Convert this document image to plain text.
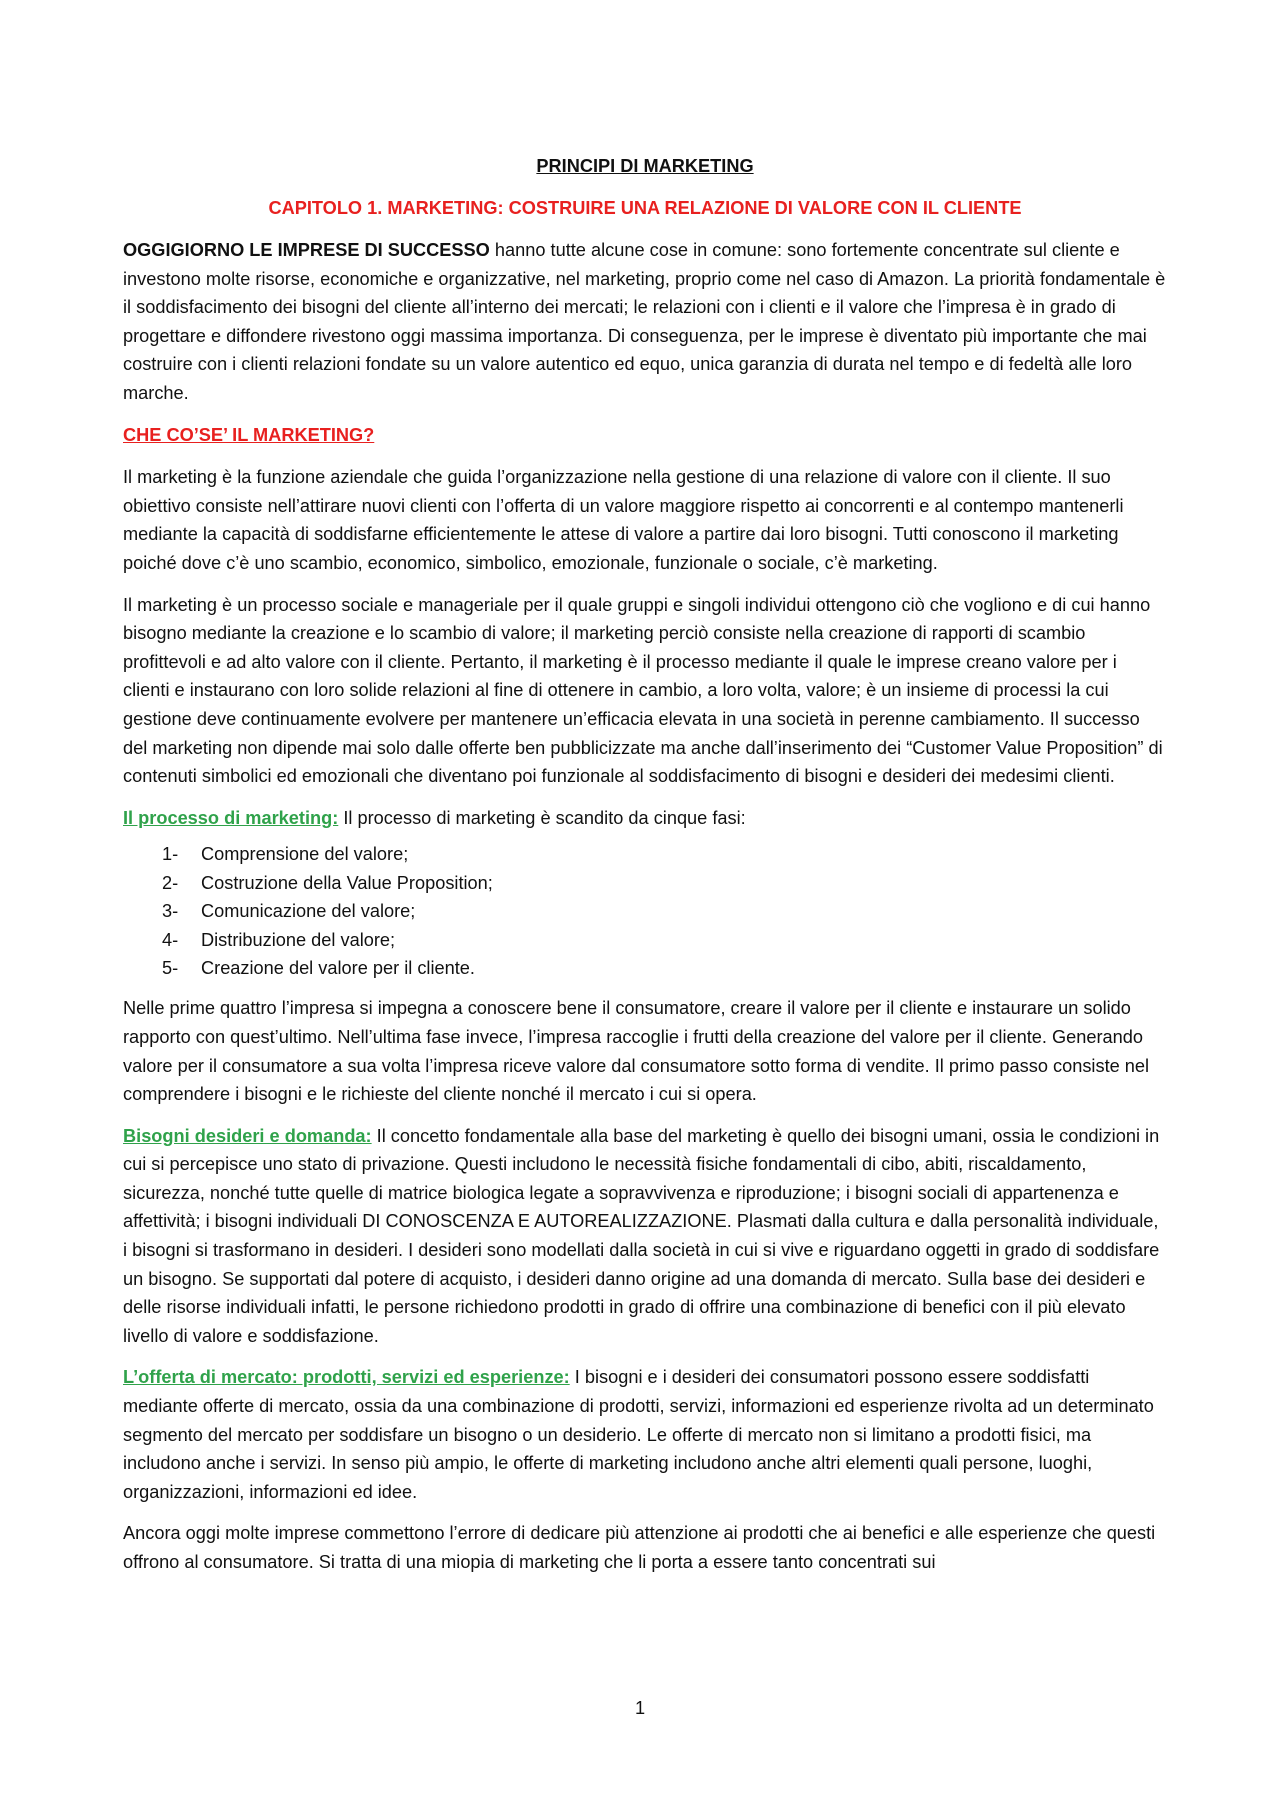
PRINCIPI DI MARKETING
CAPITOLO 1. MARKETING: COSTRUIRE UNA RELAZIONE DI VALORE CON IL CLIENTE

OGGIGIORNO LE IMPRESE DI SUCCESSO hanno tutte alcune cose in comune: sono fortemente concentrate sul cliente e investono molte risorse, economiche e organizzative, nel marketing, proprio come nel caso di Amazon. La priorità fondamentale è il soddisfacimento dei bisogni del cliente all’interno dei mercati; le relazioni con i clienti e il valore che l’impresa è in grado di progettare e diffondere rivestono oggi massima importanza. Di conseguenza, per le imprese è diventato più importante che mai costruire con i clienti relazioni fondate su un valore autentico ed equo, unica garanzia di durata nel tempo e di fedeltà alle loro marche.

CHE CO’SE’ IL MARKETING?

Il marketing è la funzione aziendale che guida l’organizzazione nella gestione di una relazione di valore con il cliente. Il suo obiettivo consiste nell’attirare nuovi clienti con l’offerta di un valore maggiore rispetto ai concorrenti e al contempo mantenerli mediante la capacità di soddisfarne efficientemente le attese di valore a partire dai loro bisogni. Tutti conoscono il marketing poiché dove c’è uno scambio, economico, simbolico, emozionale, funzionale o sociale, c’è marketing.

Il marketing è un processo sociale e manageriale per il quale gruppi e singoli individui ottengono ciò che vogliono e di cui hanno bisogno mediante la creazione e lo scambio di valore; il marketing perciò consiste nella creazione di rapporti di scambio profittevoli e ad alto valore con il cliente. Pertanto, il marketing è il processo mediante il quale le imprese creano valore per i clienti e instaurano con loro solide relazioni al fine di ottenere in cambio, a loro volta, valore; è un insieme di processi la cui gestione deve continuamente evolvere per mantenere un’efficacia elevata in una società in perenne cambiamento. Il successo del marketing non dipende mai solo dalle offerte ben pubblicizzate ma anche dall’inserimento dei “Customer Value Proposition” di contenuti simbolici ed emozionali che diventano poi funzionale al soddisfacimento di bisogni e desideri dei medesimi clienti.

Il processo di marketing: Il processo di marketing è scandito da cinque fasi:

1-	Comprensione del valore;
2-	Costruzione della Value Proposition;
3-	Comunicazione del valore;
4-	Distribuzione del valore;
5-	Creazione del valore per il cliente.

Nelle prime quattro l’impresa si impegna a conoscere bene il consumatore, creare il valore per il cliente e instaurare un solido rapporto con quest’ultimo. Nell’ultima fase invece, l’impresa raccoglie i frutti della creazione del valore per il cliente. Generando valore per il consumatore a sua volta l’impresa riceve valore dal consumatore sotto forma di vendite. Il primo passo consiste nel comprendere i bisogni e le richieste del cliente nonché il mercato i cui si opera.

Bisogni desideri e domanda: Il concetto fondamentale alla base del marketing è quello dei bisogni umani, ossia le condizioni in cui si percepisce uno stato di privazione. Questi includono le necessità fisiche fondamentali di cibo, abiti, riscaldamento, sicurezza, nonché tutte quelle di matrice biologica legate a sopravvivenza e riproduzione; i bisogni sociali di appartenenza e affettività; i bisogni individuali DI CONOSCENZA E AUTOREALIZZAZIONE. Plasmati dalla cultura e dalla personalità individuale, i bisogni si trasformano in desideri. I desideri sono modellati dalla società in cui si vive e riguardano oggetti in grado di soddisfare un bisogno. Se supportati dal potere di acquisto, i desideri danno origine ad una domanda di mercato. Sulla base dei desideri e delle risorse individuali infatti, le persone richiedono prodotti in grado di offrire una combinazione di benefici con il più elevato livello di valore e soddisfazione.

L’offerta di mercato: prodotti, servizi ed esperienze: I bisogni e i desideri dei consumatori possono essere soddisfatti mediante offerte di mercato, ossia da una combinazione di prodotti, servizi, informazioni ed esperienze rivolta ad un determinato segmento del mercato per soddisfare un bisogno o un desiderio. Le offerte di mercato non si limitano a prodotti fisici, ma includono anche i servizi. In senso più ampio, le offerte di marketing includono anche altri elementi quali persone, luoghi, organizzazioni, informazioni ed idee.

Ancora oggi molte imprese commettono l’errore di dedicare più attenzione ai prodotti che ai benefici e alle esperienze che questi offrono al consumatore. Si tratta di una miopia di marketing che li porta a essere tanto concentrati sui

1
